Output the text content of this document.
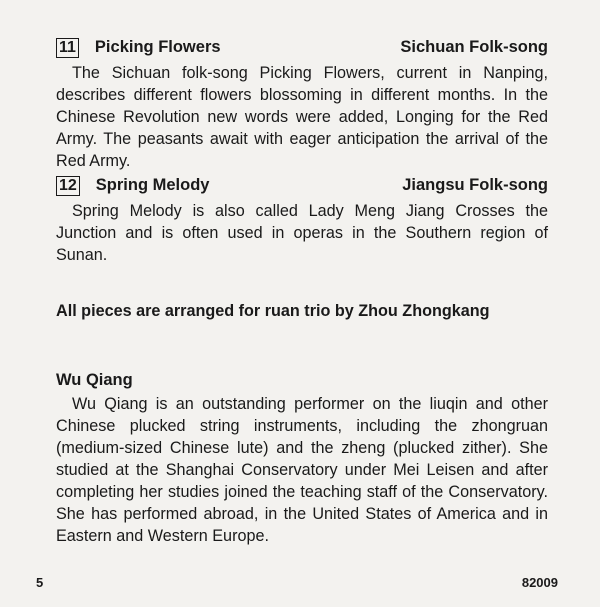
11 Picking Flowers	Sichuan Folk-song

The Sichuan folk-song Picking Flowers, current in Nanping, describes different flowers blossoming in different months. In the Chinese Revolution new words were added, Longing for the Red Army. The peasants await with eager anticipation the arrival of the Red Army.

12 Spring Melody	Jiangsu Folk-song

Spring Melody is also called Lady Meng Jiang Crosses the Junction and is often used in operas in the Southern region of Sunan.

All pieces are arranged for ruan trio by Zhou Zhongkang
Wu Qiang

Wu Qiang is an outstanding performer on the liuqin and other Chinese plucked string instruments, including the zhongruan (medium-sized Chinese lute) and the zheng (plucked zither). She studied at the Shanghai Conservatory under Mei Leisen and after completing her studies joined the teaching staff of the Conservatory. She has performed abroad, in the United States of America and in Eastern and Western Europe.

5	82009
